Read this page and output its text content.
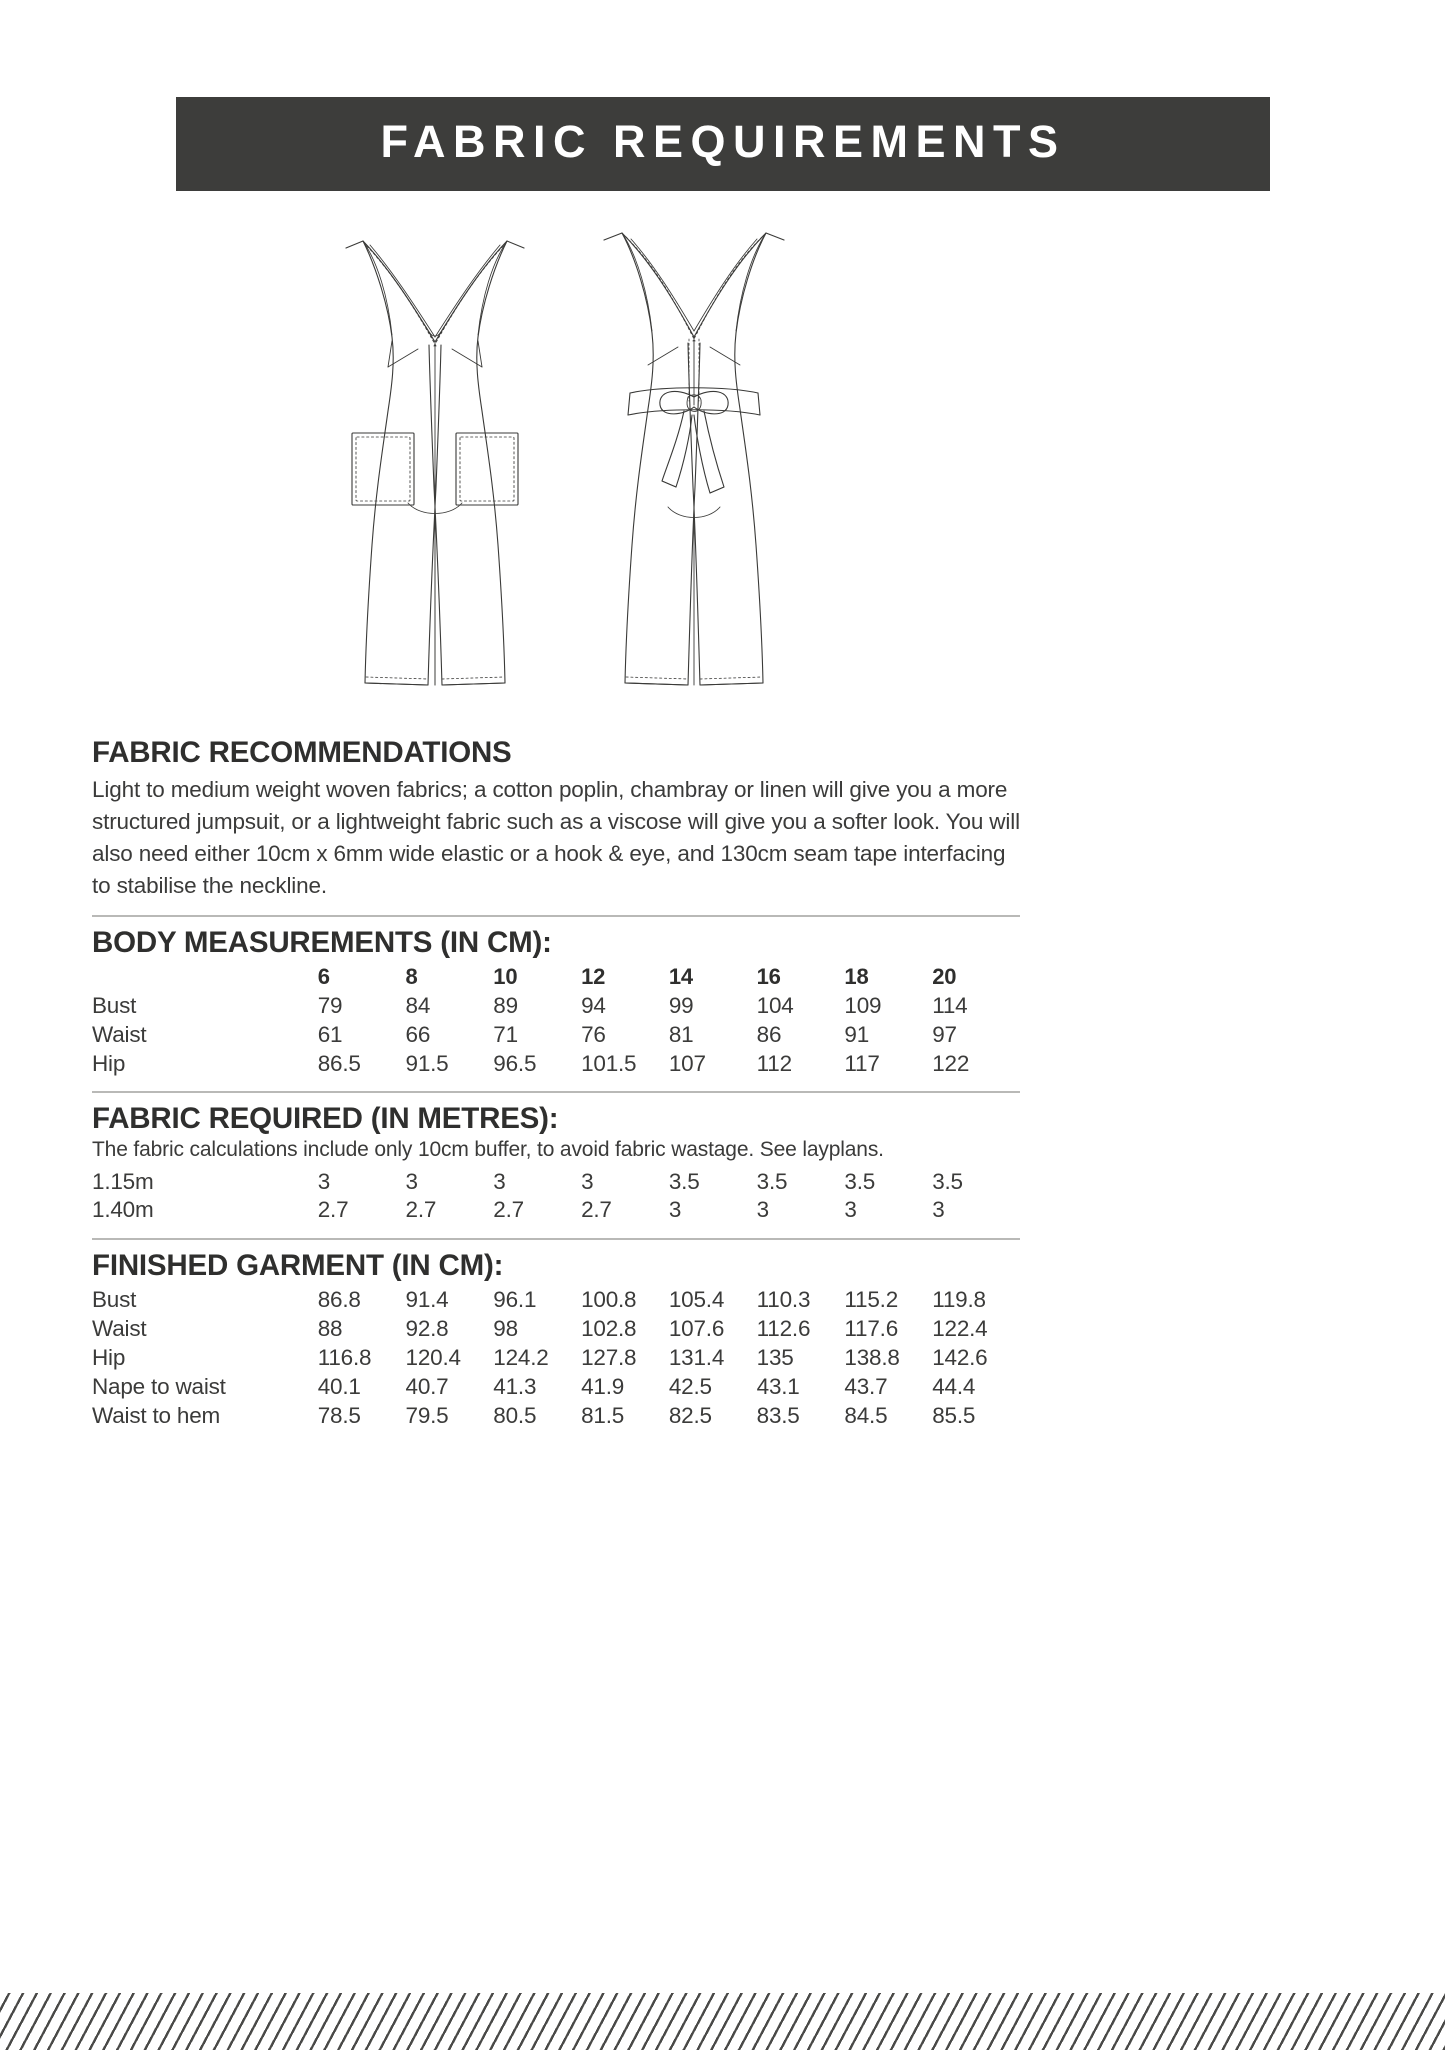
FABRIC REQUIREMENTS
FABRIC RECOMMENDATIONS
Light to medium weight woven fabrics; a cotton poplin, chambray or linen will give you a more structured jumpsuit, or a lightweight fabric such as a viscose will give you a softer look. You will also need either 10cm x 6mm wide elastic or a hook & eye, and 130cm seam tape interfacing to stabilise the neckline.
BODY MEASUREMENTS (IN CM):
	6	8	10	12	14	16	18	20
Bust	79	84	89	94	99	104	109	114
Waist	61	66	71	76	81	86	91	97
Hip	86.5	91.5	96.5	101.5	107	112	117	122
FABRIC REQUIRED (IN METRES):
The fabric calculations include only 10cm buffer, to avoid fabric wastage. See layplans.
1.15m	3	3	3	3	3.5	3.5	3.5	3.5
1.40m	2.7	2.7	2.7	2.7	3	3	3	3
FINISHED GARMENT (IN CM):
Bust	86.8	91.4	96.1	100.8	105.4	110.3	115.2	119.8
Waist	88	92.8	98	102.8	107.6	112.6	117.6	122.4
Hip	116.8	120.4	124.2	127.8	131.4	135	138.8	142.6
Nape to waist	40.1	40.7	41.3	41.9	42.5	43.1	43.7	44.4
Waist to hem	78.5	79.5	80.5	81.5	82.5	83.5	84.5	85.5
